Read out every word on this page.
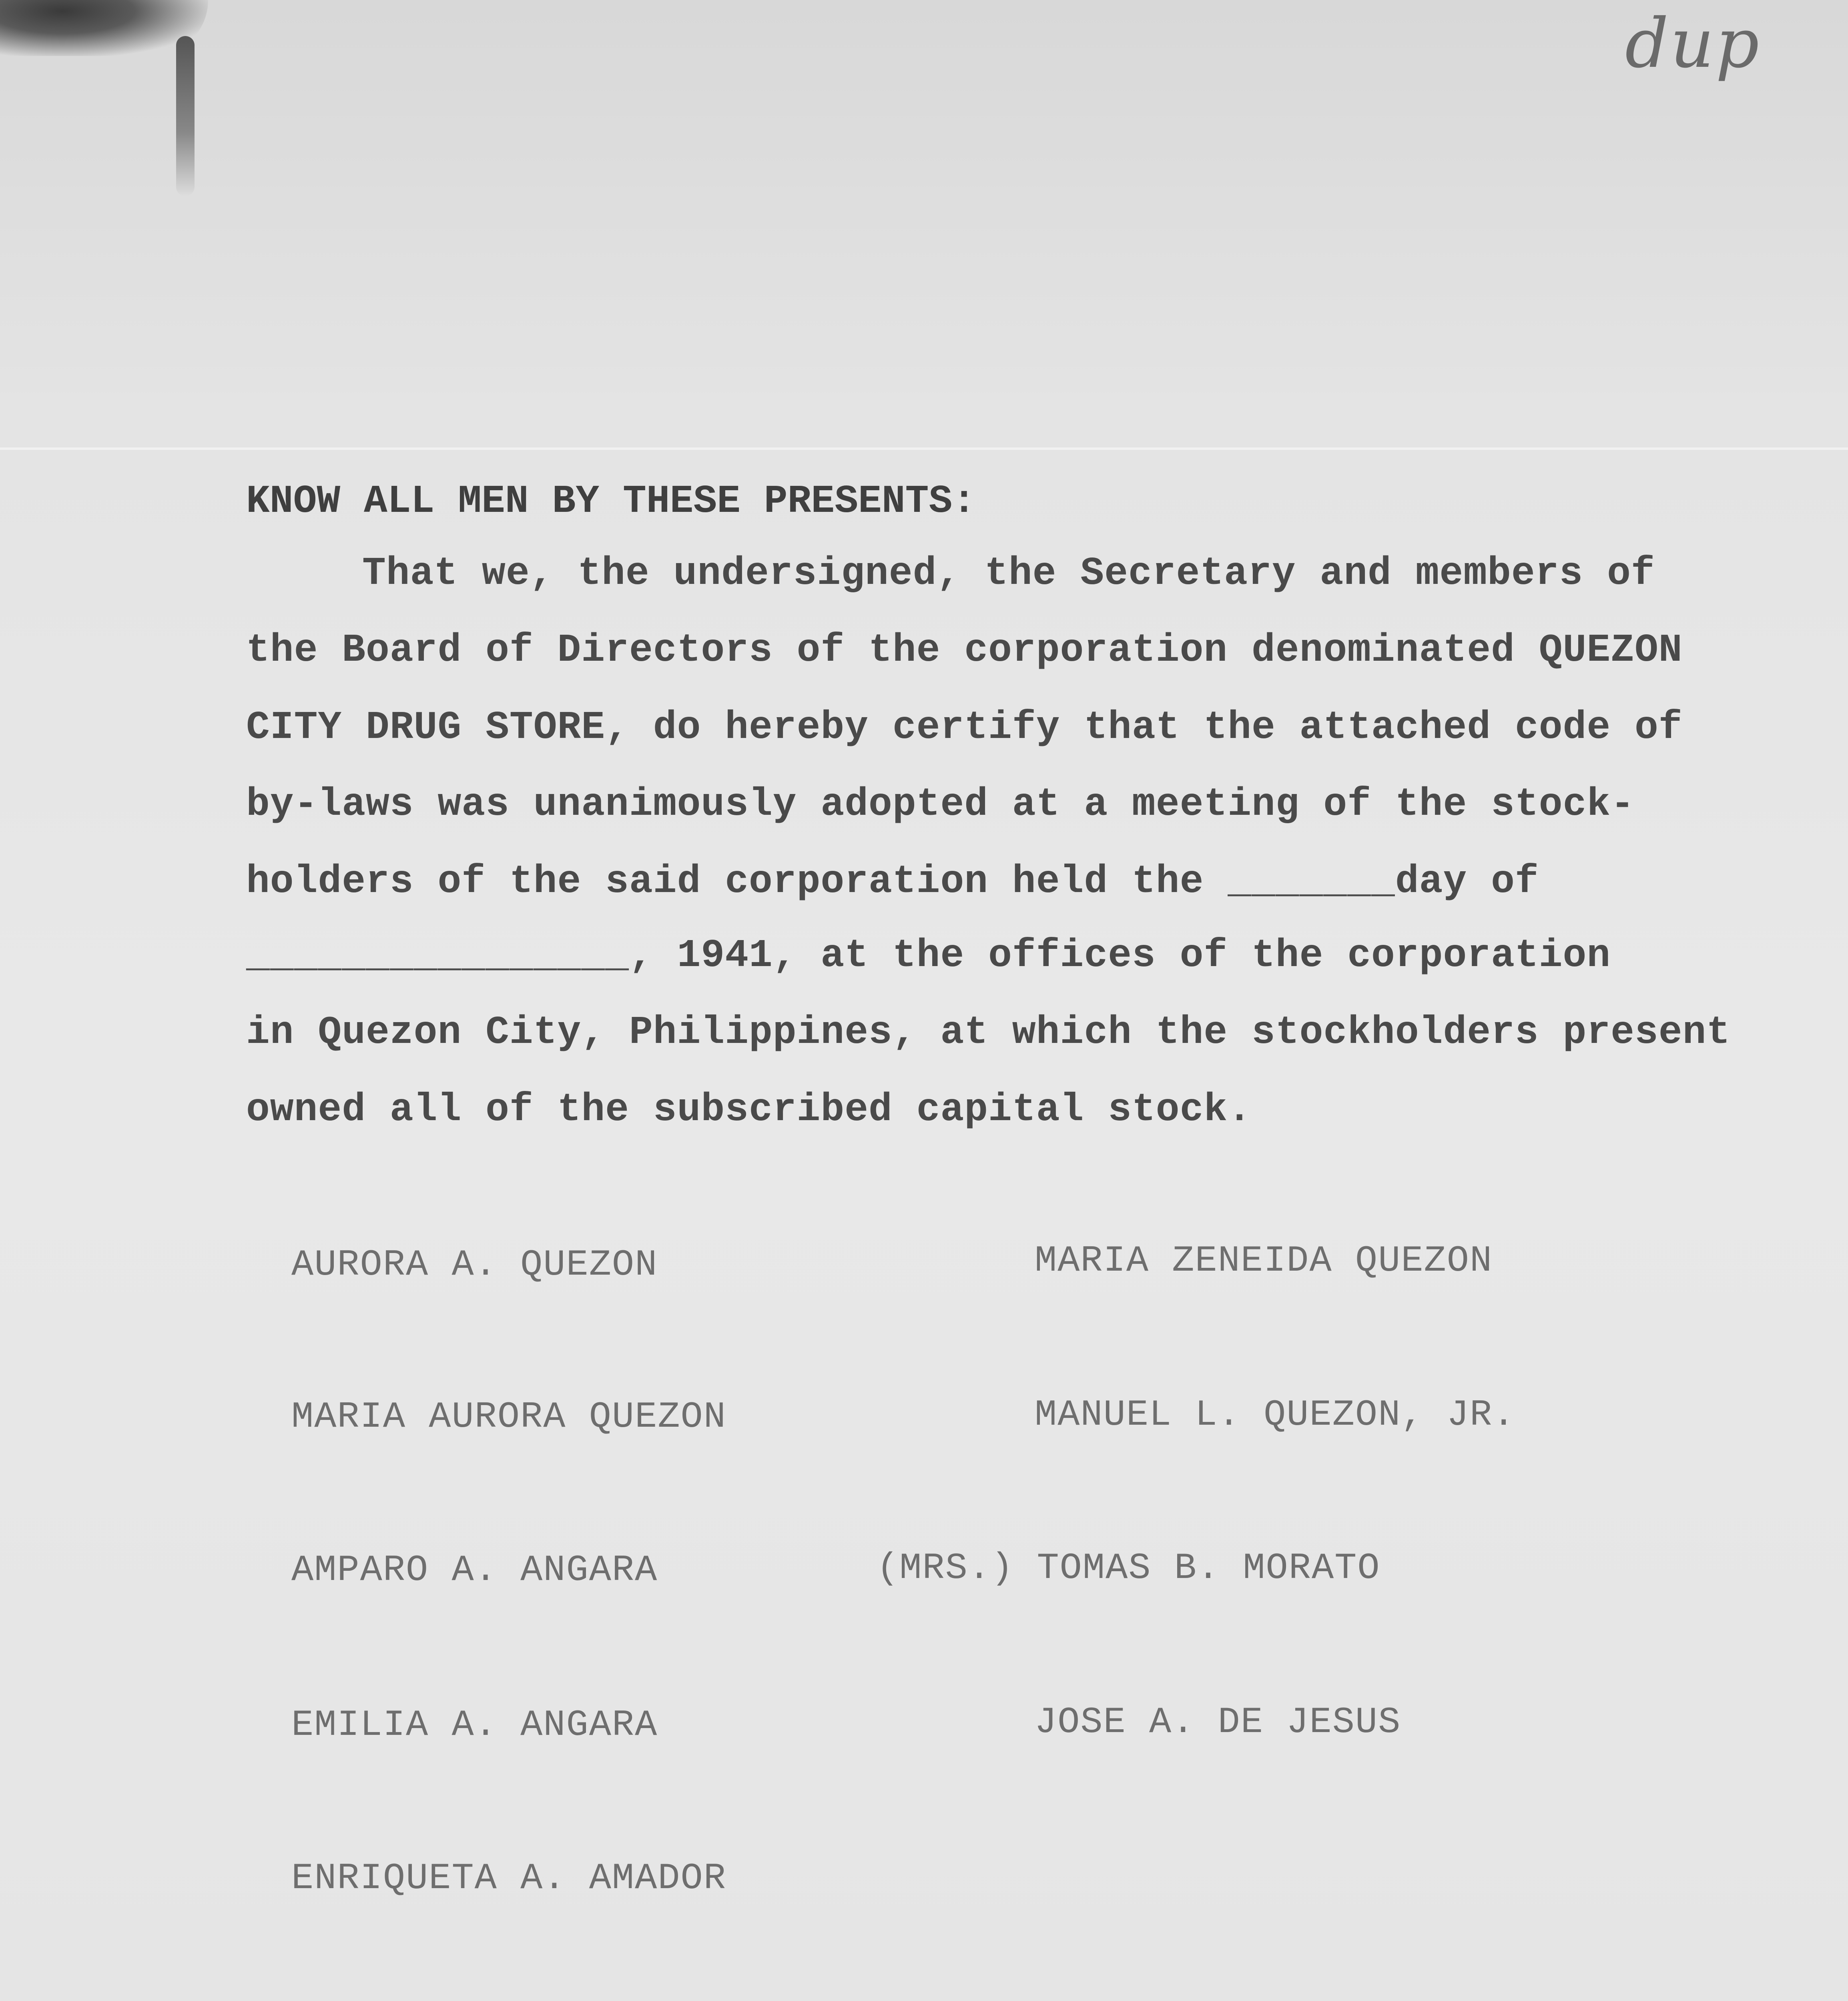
dup
KNOW ALL MEN BY THESE PRESENTS:
That we, the undersigned, the Secretary and members of
the Board of Directors of the corporation denominated QUEZON
CITY DRUG STORE, do hereby certify that the attached code of
by-laws was unanimously adopted at a meeting of the stock-
holders of the said corporation held the _______day of
________________, 1941, at the offices of the corporation
in Quezon City, Philippines, at which the stockholders present
owned all of the subscribed capital stock.
AURORA A. QUEZON
MARIA AURORA QUEZON
AMPARO A. ANGARA
EMILIA A. ANGARA
ENRIQUETA A. AMADOR
MARIA ZENEIDA QUEZON
MANUEL L. QUEZON, JR.
(MRS.) TOMAS B. MORATO
JOSE A. DE JESUS
